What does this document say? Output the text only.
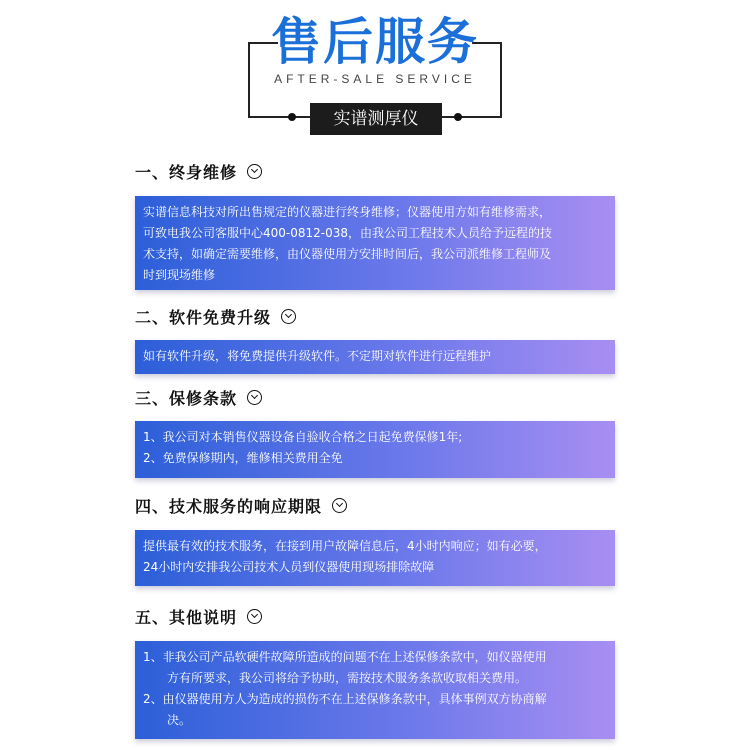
售后服务
AFTER-SALE SERVICE
实谱测厚仪
一、终身维修

实谱信息科技对所出售规定的仪器进行终身维修；仪器使用方如有维修需求，

可致电我公司客服中心400-0812-038，由我公司工程技术人员给予远程的技

术支持，如确定需要维修，由仪器使用方安排时间后，我公司派维修工程师及

时到现场维修

二、软件免费升级

如有软件升级，将免费提供升级软件。不定期对软件进行远程维护

三、保修条款

1、我公司对本销售仪器设备自验收合格之日起免费保修1年;

2、免费保修期内，维修相关费用全免

四、技术服务的响应期限

提供最有效的技术服务，在接到用户故障信息后，4小时内响应；如有必要，

24小时内安排我公司技术人员到仪器使用现场排除故障

五、其他说明

1、非我公司产品软硬件故障所造成的问题不在上述保修条款中，如仪器使用

方有所要求，我公司将给予协助，需按技术服务条款收取相关费用。

2、由仪器使用方人为造成的损伤不在上述保修条款中，具体事例双方协商解

决。
